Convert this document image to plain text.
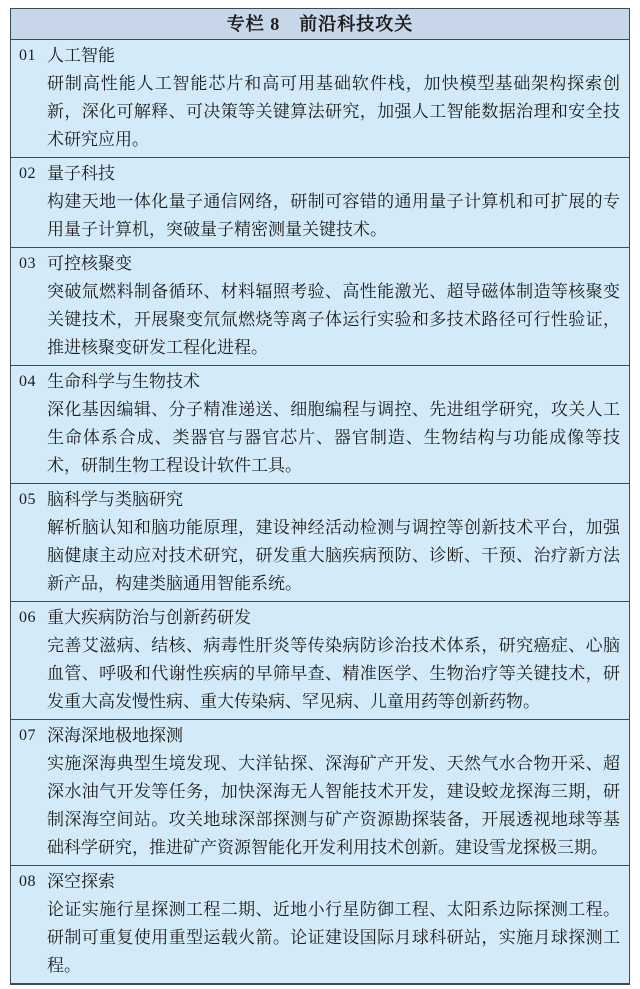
专栏 8　前沿科技攻关
01 人工智能

研制高性能人工智能芯片和高可用基础软件栈，加快模型基础架构探索创新，深化可解释、可决策等关键算法研究，加强人工智能数据治理和安全技术研究应用。

02 量子科技

构建天地一体化量子通信网络，研制可容错的通用量子计算机和可扩展的专用量子计算机，突破量子精密测量关键技术。

03 可控核聚变

突破氚燃料制备循环、材料辐照考验、高性能激光、超导磁体制造等核聚变关键技术，开展聚变氘氚燃烧等离子体运行实验和多技术路径可行性验证，推进核聚变研发工程化进程。

04 生命科学与生物技术

深化基因编辑、分子精准递送、细胞编程与调控、先进组学研究，攻关人工生命体系合成、类器官与器官芯片、器官制造、生物结构与功能成像等技术，研制生物工程设计软件工具。

05 脑科学与类脑研究

解析脑认知和脑功能原理，建设神经活动检测与调控等创新技术平台，加强脑健康主动应对技术研究，研发重大脑疾病预防、诊断、干预、治疗新方法新产品，构建类脑通用智能系统。

06 重大疾病防治与创新药研发

完善艾滋病、结核、病毒性肝炎等传染病防诊治技术体系，研究癌症、心脑血管、呼吸和代谢性疾病的早筛早查、精准医学、生物治疗等关键技术，研发重大高发慢性病、重大传染病、罕见病、儿童用药等创新药物。

07 深海深地极地探测

实施深海典型生境发现、大洋钻探、深海矿产开发、天然气水合物开采、超深水油气开发等任务，加快深海无人智能技术开发，建设蛟龙探海三期，研制深海空间站。攻关地球深部探测与矿产资源勘探装备，开展透视地球等基础科学研究，推进矿产资源智能化开发利用技术创新。建设雪龙探极三期。

08 深空探索

论证实施行星探测工程二期、近地小行星防御工程、太阳系边际探测工程。研制可重复使用重型运载火箭。论证建设国际月球科研站，实施月球探测工程。
